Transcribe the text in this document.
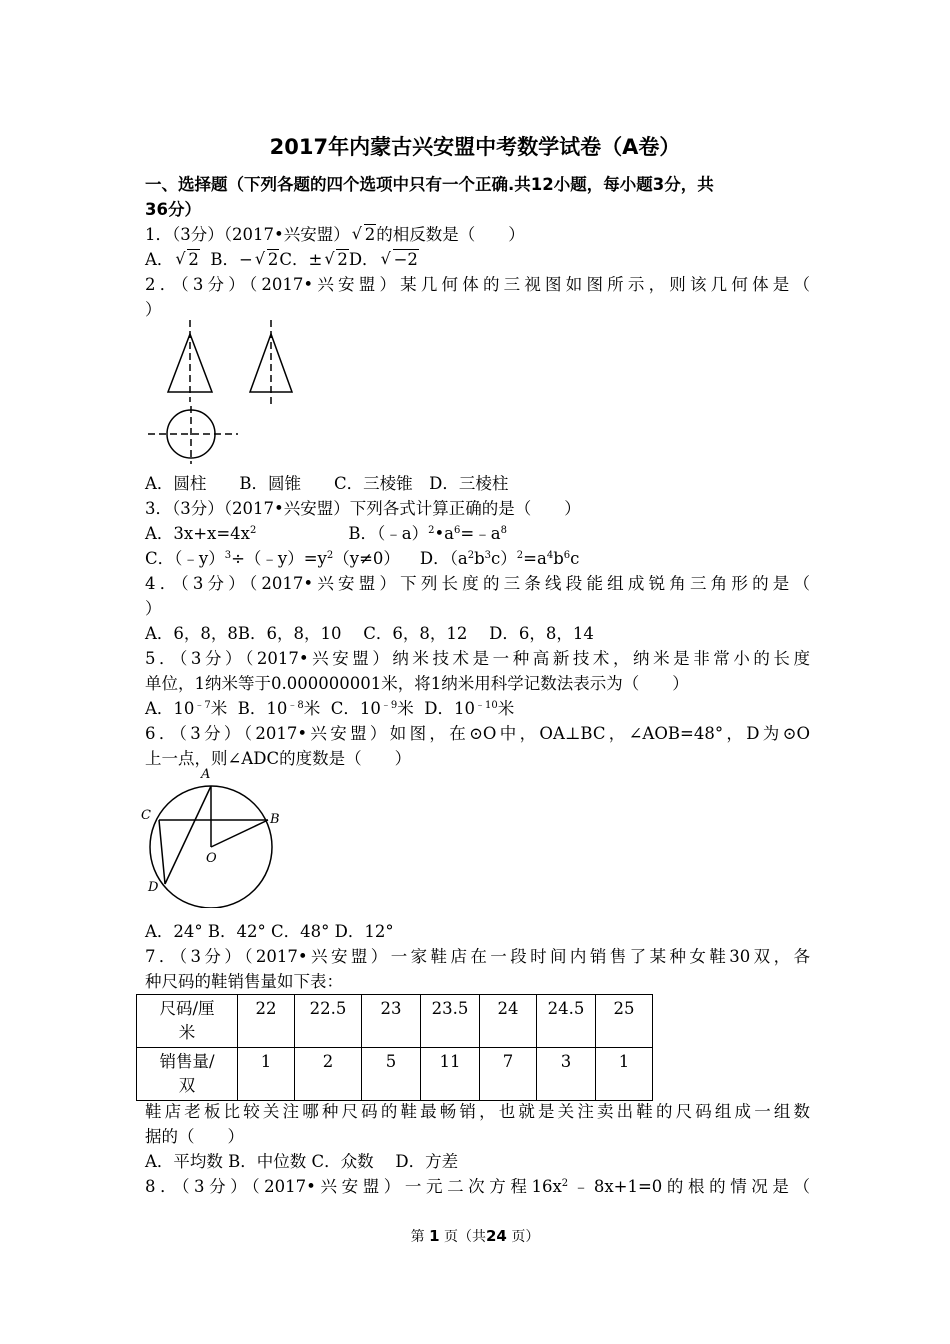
2017年内蒙古兴安盟中考数学试卷（A卷）
一、选择题（下列各题的四个选项中只有一个正确.共12小题，每小题3分，共
36分）
1．（3分）（2017•兴安盟） √ 2的相反数是（　　）
A． √ 2 B．− √ 2C．± √ 2D． √ −2
2．（3分）（2017•兴安盟）某几何体的三视图如图所示，则该几何体是（
）
A．圆柱　　B．圆锥　　C．三棱锥　D．三棱柱
3．（3分）（2017•兴安盟）下列各式计算正确的是（　　）
A．$3x+x=4x^2$	B．$(﹣a)^2•a^6=﹣a^8$
C．$(﹣y)^3\div(﹣y)=y^2(y\ne 0)$ D．$(a^2b^3c)^2=a^4b^6c$
4．（3分）（2017•兴安盟）下列长度的三条线段能组成锐角三角形的是（
）
A．6，8，8B．6，8，10　 C．6，8，12　 D．6，8，14
5．（3分）（2017•兴安盟）纳米技术是一种高新技术，纳米是非常小的长度
单位，1纳米等于0.000000001米，将1纳米用科学记数法表示为（　　）
A．$10^{﹣7}$米 B．$10^{﹣8}$米 C．$10^{﹣9}$米 D．$10^{﹣10}$米
6．（3分）（2017•兴安盟）如图，在⊙O中，OA⊥BC，∠AOB=48°，D为⊙O
上一点，则∠ADC的度数是（　　）
A
B
C
D
O
A．24° B．42° C．48° D．12°
7．（3分）（2017•兴安盟）一家鞋店在一段时间内销售了某种女鞋30双，各
种尺码的鞋销售量如下表：
尺码/厘
米	22	22.5	23	23.5	24	24.5	25
销售量/
双	1	2	5	11	7	3	1
鞋店老板比较关注哪种尺码的鞋最畅销，也就是关注卖出鞋的尺码组成一组数
据的（　　）
A．平均数 B．中位数 C．众数　 D．方差
8．（3分）（2017•兴安盟）一元二次方程$16x^2﹣8x+1=0$的根的情况是（
第 1 页（共24 页）
